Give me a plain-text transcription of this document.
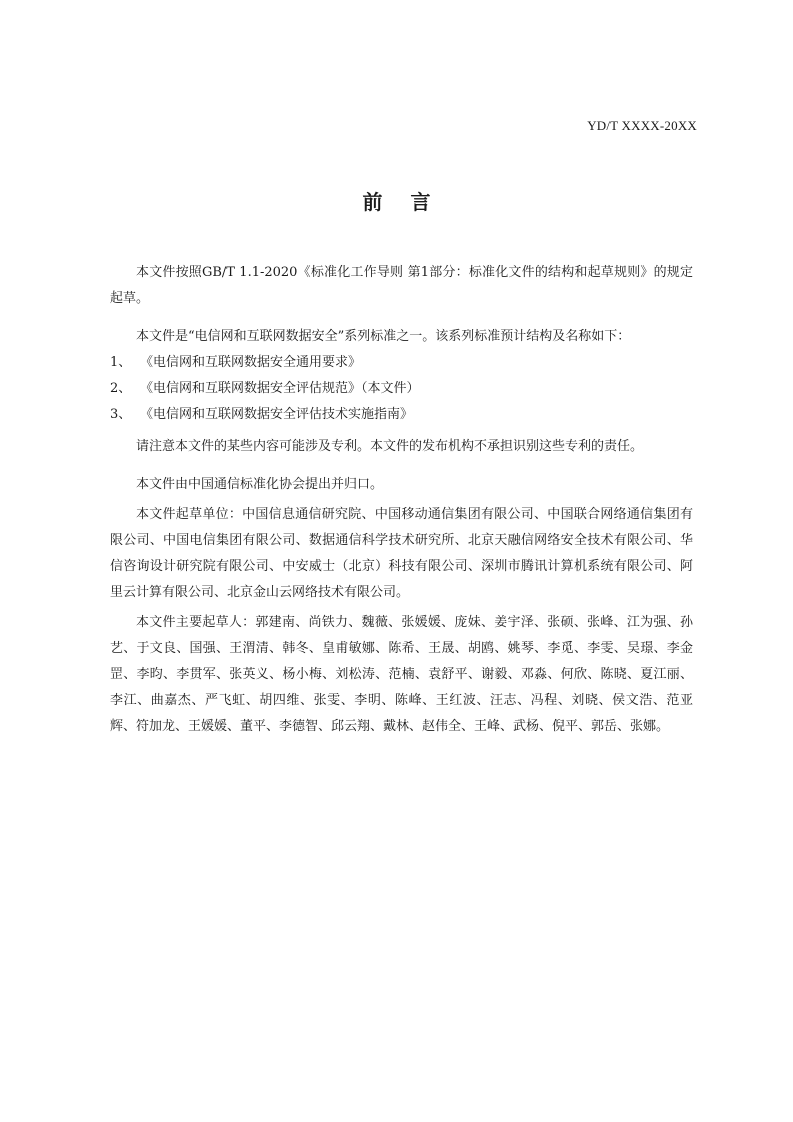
YD/T XXXX-20XX
前言

本文件按照GB/T 1.1-2020《标准化工作导则 第1部分：标准化文件的结构和起草规则》的规定起草。

本文件是“电信网和互联网数据安全”系列标准之一。该系列标准预计结构及名称如下：

1、 《电信网和互联网数据安全通用要求》

2、 《电信网和互联网数据安全评估规范》（本文件）

3、 《电信网和互联网数据安全评估技术实施指南》

请注意本文件的某些内容可能涉及专利。本文件的发布机构不承担识别这些专利的责任。

本文件由中国通信标准化协会提出并归口。

本文件起草单位：中国信息通信研究院、中国移动通信集团有限公司、中国联合网络通信集团有限公司、中国电信集团有限公司、数据通信科学技术研究所、北京天融信网络安全技术有限公司、华信咨询设计研究院有限公司、中安威士（北京）科技有限公司、深圳市腾讯计算机系统有限公司、阿里云计算有限公司、北京金山云网络技术有限公司。

本文件主要起草人：郭建南、尚铁力、魏薇、张媛媛、庞妹、姜宇泽、张硕、张峰、江为强、孙艺、于文良、国强、王渭清、韩冬、皇甫敏娜、陈希、王晟、胡鸥、姚琴、李觅、李雯、吴璟、李金罡、李昀、李贯军、张英义、杨小梅、刘松涛、范楠、袁舒平、谢毅、邓淼、何欣、陈晓、夏江丽、李江、曲嘉杰、严飞虹、胡四维、张雯、李明、陈峰、王红波、汪志、冯程、刘晓、侯文浩、范亚辉、符加龙、王媛媛、董平、李德智、邱云翔、戴林、赵伟全、王峰、武杨、倪平、郭岳、张娜。
